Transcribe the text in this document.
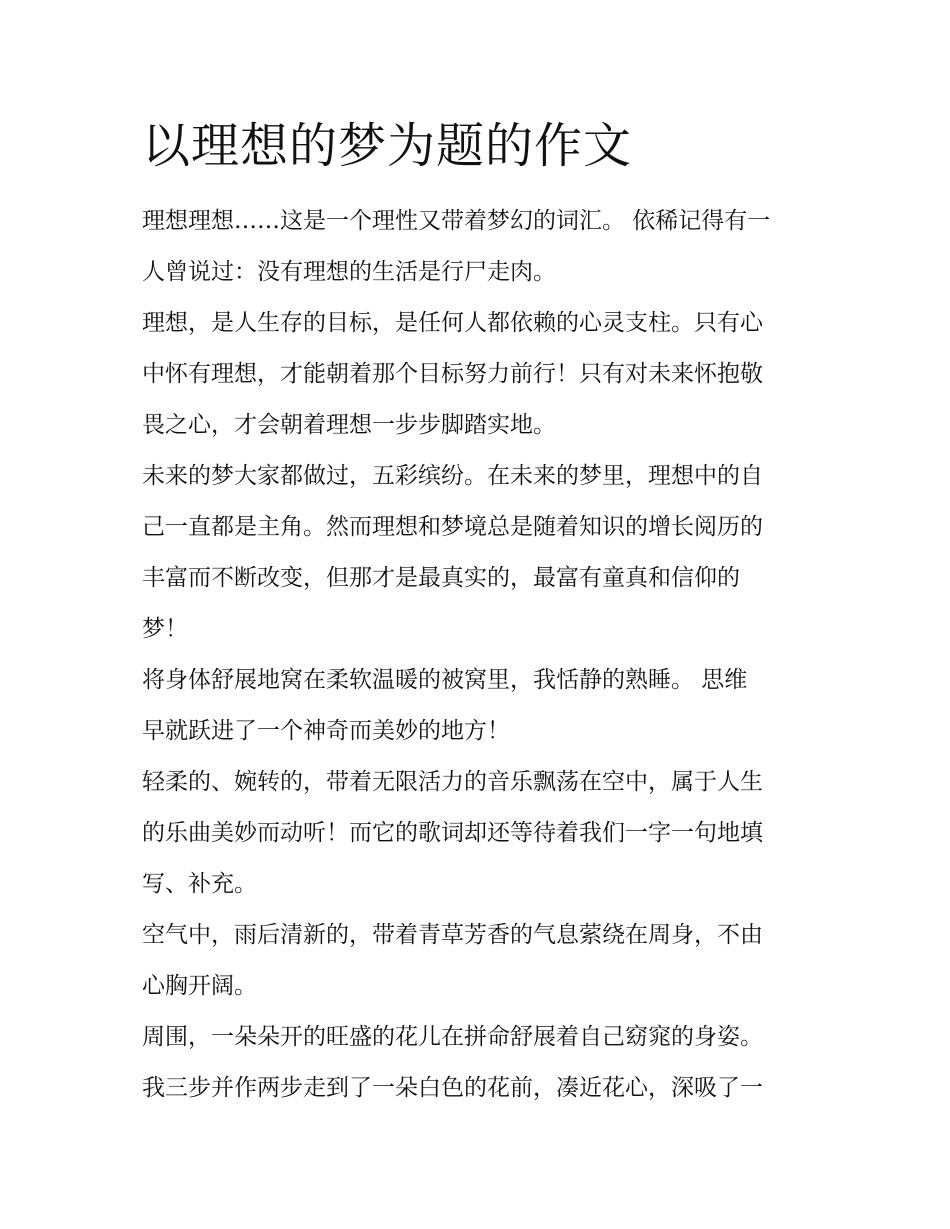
以理想的梦为题的作文
理想理想……这是一个理性又带着梦幻的词汇。 依稀记得有一
人曾说过：没有理想的生活是行尸走肉。
理想，是人生存的目标，是任何人都依赖的心灵支柱。只有心
中怀有理想，才能朝着那个目标努力前行！只有对未来怀抱敬
畏之心，才会朝着理想一步步脚踏实地。
未来的梦大家都做过，五彩缤纷。在未来的梦里，理想中的自
己一直都是主角。然而理想和梦境总是随着知识的增长阅历的
丰富而不断改变，但那才是最真实的，最富有童真和信仰的
梦！
将身体舒展地窝在柔软温暖的被窝里，我恬静的熟睡。 思维
早就跃进了一个神奇而美妙的地方！
轻柔的、婉转的，带着无限活力的音乐飘荡在空中，属于人生
的乐曲美妙而动听！而它的歌词却还等待着我们一字一句地填
写、补充。
空气中，雨后清新的，带着青草芳香的气息萦绕在周身，不由
心胸开阔。
周围，一朵朵开的旺盛的花儿在拼命舒展着自己窈窕的身姿。
我三步并作两步走到了一朵白色的花前，凑近花心，深吸了一
